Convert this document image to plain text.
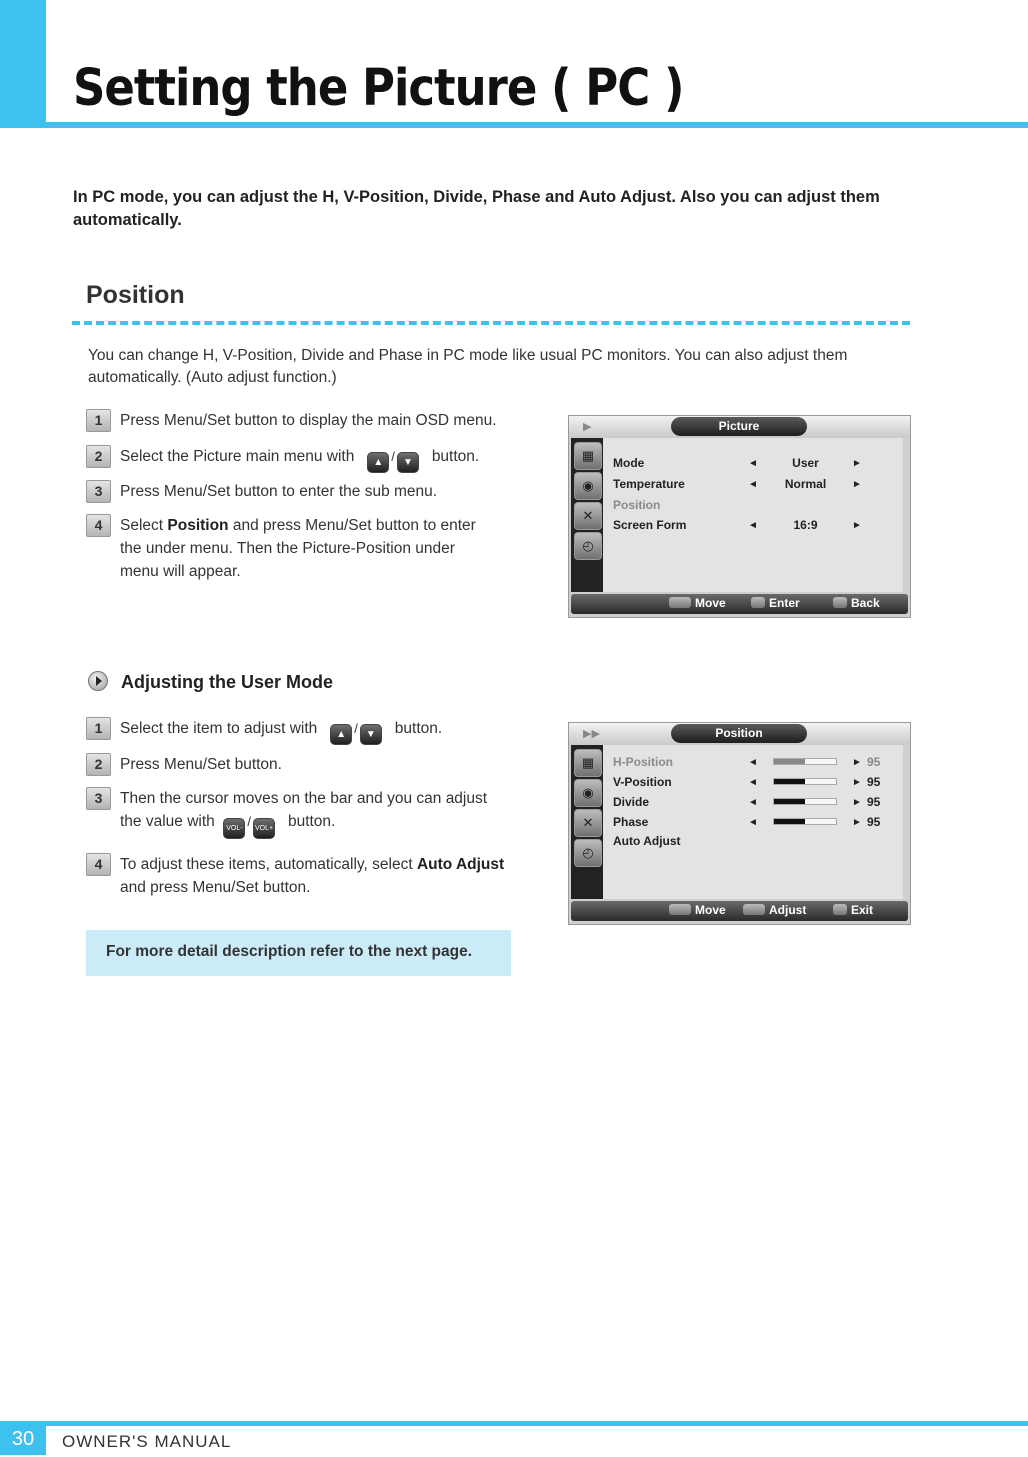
Setting the Picture ( PC )
In PC mode, you can adjust the H, V-Position, Divide, Phase and Auto Adjust. Also you can adjust them automatically.
Position
You can change H, V-Position, Divide and Phase in PC mode like usual PC monitors. You can also adjust them automatically. (Auto adjust function.)
1	Press Menu/Set button to display the main OSD menu.
2	Select the Picture main menu with ▲ / ▼ button.
3	Press Menu/Set button to enter the sub menu.
4	Select Position and press Menu/Set button to enter the under menu. Then the Picture-Position under menu will appear.
▶	Picture
▦
◉
✕
◴
Mode	◄	User	►
Temperature	◄	Normal	►
Position
Screen Form	◄	16:9	►
Move	Enter	Back
Adjusting the User Mode
1	Select the item to adjust with ▲ / ▼ button.
2	Press Menu/Set button.
3	Then the cursor moves on the bar and you can adjust the value with VOL- / VOL+ button.
4	To adjust these items, automatically, select Auto Adjust and press Menu/Set button.
For more detail description refer to the next page.
▶▶	Position
▦
◉
✕
◴
H-Position	◄	► 95
V-Position	◄	► 95
Divide	◄	► 95
Phase	◄	► 95
Auto Adjust
Move	Adjust	Exit
30	OWNER'S MANUAL
